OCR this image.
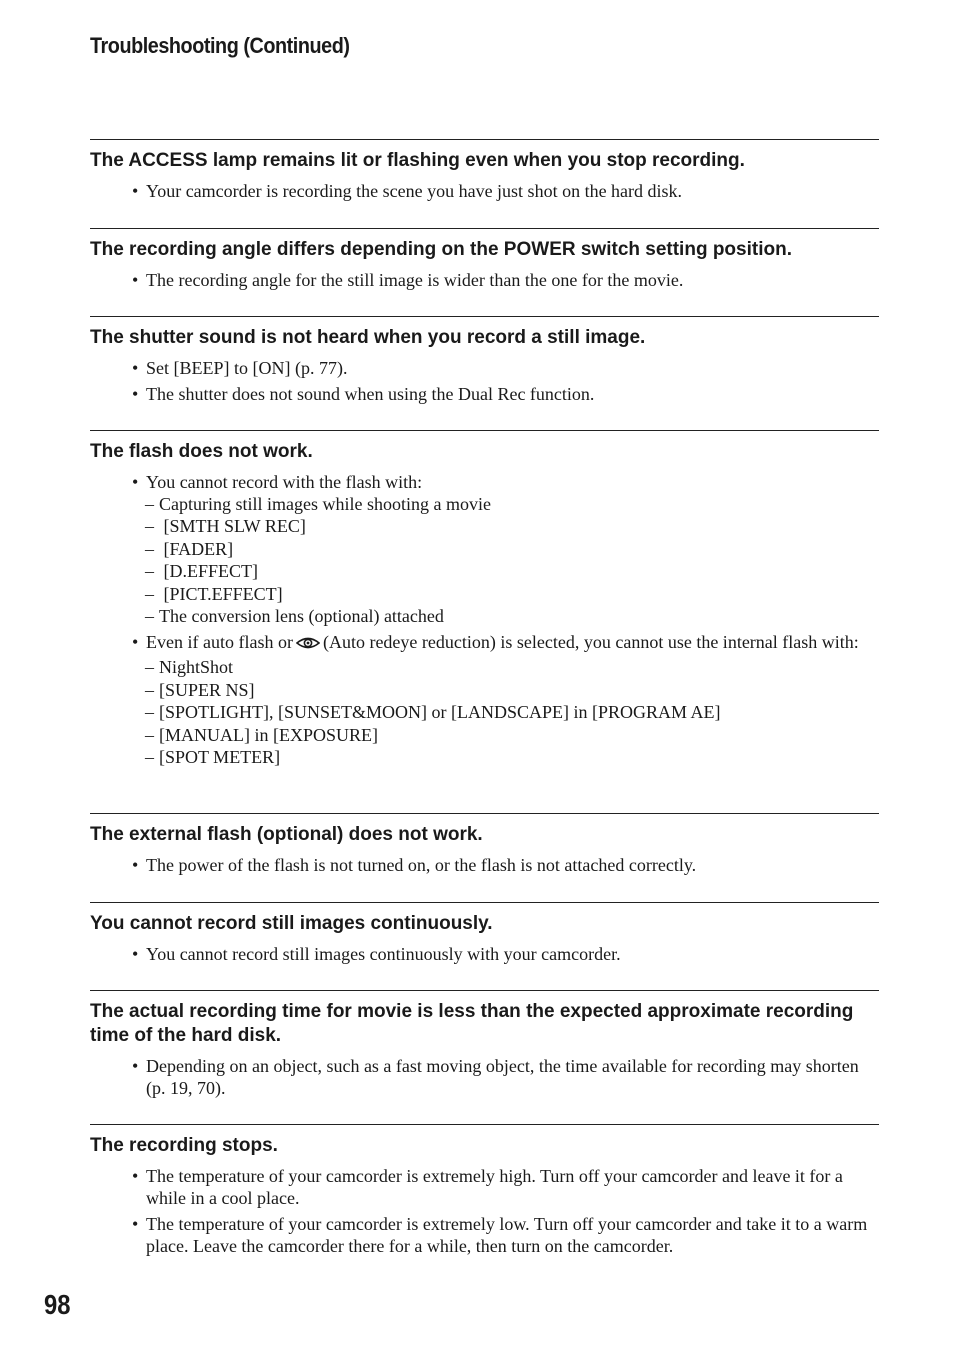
Troubleshooting (Continued)
The ACCESS lamp remains lit or flashing even when you stop recording.
• Your camcorder is recording the scene you have just shot on the hard disk.
The recording angle differs depending on the POWER switch setting position.
• The recording angle for the still image is wider than the one for the movie.
The shutter sound is not heard when you record a still image.
• Set [BEEP] to [ON] (p. 77).
• The shutter does not sound when using the Dual Rec function.
The flash does not work.
• You cannot record with the flash with:
– Capturing still images while shooting a movie
– [SMTH SLW REC]
– [FADER]
– [D.EFFECT]
– [PICT.EFFECT]
– The conversion lens (optional) attached
• Even if auto flash or (Auto redeye reduction) is selected, you cannot use the internal flash with:
– NightShot
– [SUPER NS]
– [SPOTLIGHT], [SUNSET&MOON] or [LANDSCAPE] in [PROGRAM AE]
– [MANUAL] in [EXPOSURE]
– [SPOT METER]
The external flash (optional) does not work.
• The power of the flash is not turned on, or the flash is not attached correctly.
You cannot record still images continuously.
• You cannot record still images continuously with your camcorder.
The actual recording time for movie is less than the expected approximate recording time of the hard disk.
• Depending on an object, such as a fast moving object, the time available for recording may shorten (p. 19, 70).
The recording stops.
• The temperature of your camcorder is extremely high. Turn off your camcorder and leave it for a while in a cool place.
• The temperature of your camcorder is extremely low. Turn off your camcorder and take it to a warm place. Leave the camcorder there for a while, then turn on the camcorder.
98
